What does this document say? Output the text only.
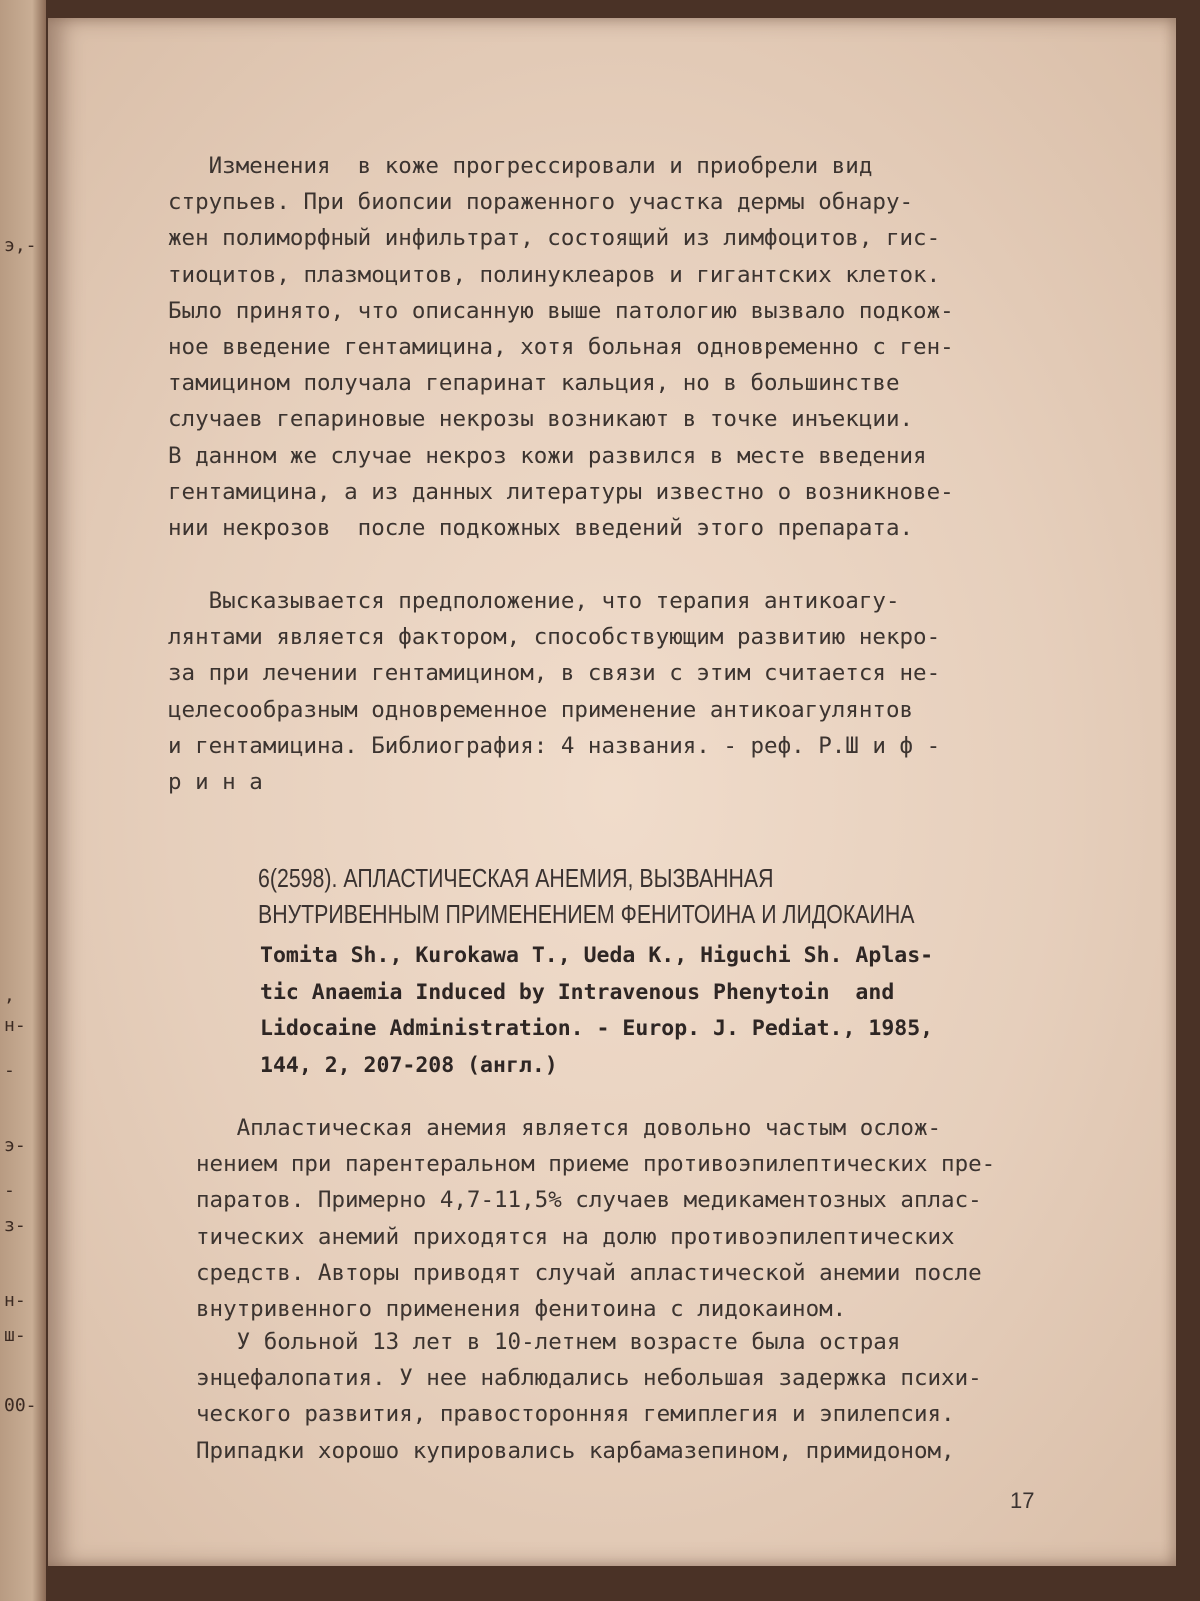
э,-
,
н-
-
э-
-
з-
н-
ш-
00-
Изменения  в коже прогрессировали и приобрели вид
струпьев. При биопсии пораженного участка дермы обнару-
жен полиморфный инфильтрат, состоящий из лимфоцитов, гис-
тиоцитов, плазмоцитов, полинуклеаров и гигантских клеток.
Было принято, что описанную выше патологию вызвало подкож-
ное введение гентамицина, хотя больная одновременно с ген-
тамицином получала гепаринат кальция, но в большинстве
случаев гепариновые некрозы возникают в точке инъекции.
В данном же случае некроз кожи развился в месте введения
гентамицина, а из данных литературы известно о возникнове-
нии некрозов  после подкожных введений этого препарата.
Высказывается предположение, что терапия антикоагу-
лянтами является фактором, способствующим развитию некро-
за при лечении гентамицином, в связи с этим считается не-
целесообразным одновременное применение антикоагулянтов
и гентамицина. Библиография: 4 названия. - реф. Р.Ш и ф -
р и н а
6(2598). АПЛАСТИЧЕСКАЯ АНЕМИЯ, ВЫЗВАННАЯ
ВНУТРИВЕННЫМ ПРИМЕНЕНИЕМ ФЕНИТОИНА И ЛИДОКАИНА
Tomita Sh., Kurokawa T., Ueda K., Higuchi Sh. Aplas-
tic Anaemia Induced by Intravenous Phenytoin  and
Lidocaine Administration. - Europ. J. Pediat., 1985,
144, 2, 207-208 (англ.)
Апластическая анемия является довольно частым ослож-
нением при парентеральном приеме противоэпилептических пре-
паратов. Примерно 4,7-11,5% случаев медикаментозных аплас-
тических анемий приходятся на долю противоэпилептических
средств. Авторы приводят случай апластической анемии после
внутривенного применения фенитоина с лидокаином.
У больной 13 лет в 10-летнем возрасте была острая
энцефалопатия. У нее наблюдались небольшая задержка психи-
ческого развития, правосторонняя гемиплегия и эпилепсия.
Припадки хорошо купировались карбамазепином, примидоном,
17
